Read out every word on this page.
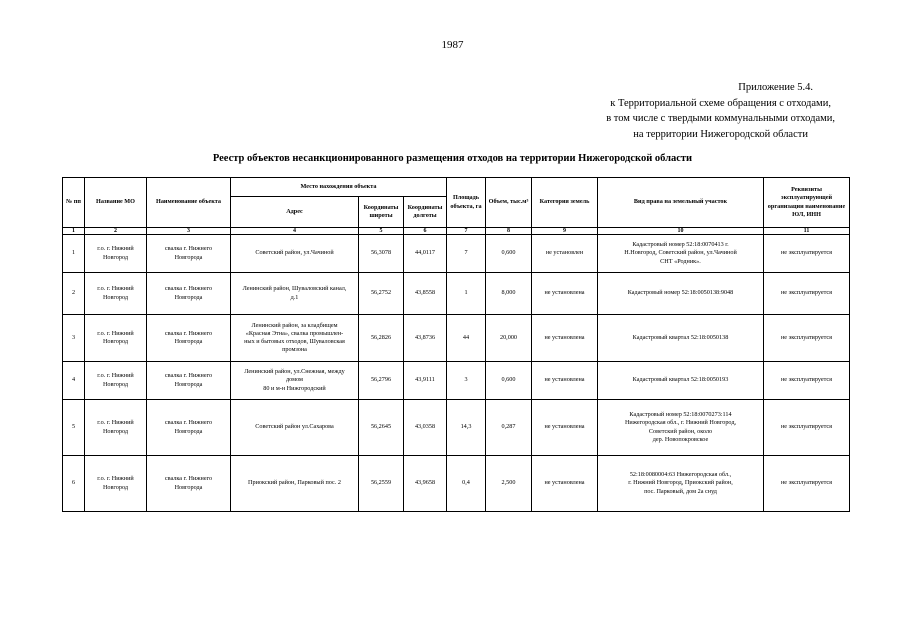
1987
Приложение 5.4.
к Территориальной схеме обращения с отходами,
в том числе с твердыми коммунальными отходами,
на территории Нижегородской области
Реестр объектов несанкционированного размещения отходов на территории Нижегородской области
№ пп	Название МО	Наименование объекта	Место нахождения объекта			Площадь объекта, га	Объем, тыс.м³	Категория земель	Вид права на земельный участок	Реквизиты эксплуатирующей организации наименование ЮЛ, ИНН
			Адрес	Координаты широты	Координаты долготы					
1	2	3	4	5	6	7	8	9	10	11
1	г.о. г. Нижний
Новгород	свалка г. Нижнего
Новгорода	Советский район, ул.Чачиной	56,3078	44,0117	7	0,600	не установлен	Кадастровый номер 52:18:0070413 г.
Н.Новгород, Советский район, ул.Чачиной
СНТ «Родник».	не эксплуатируется
2	г.о. г. Нижний
Новгород	свалка г. Нижнего
Новгорода	Ленинский район, Шуваловский канал,
д.1	56,2752	43,8558	1	8,000	не установлена	Кадастровый номер 52:18:0050138:9048	не эксплуатируется
3	г.о. г. Нижний
Новгород	свалка г. Нижнего
Новгорода	Ленинский район, за кладбищем
«Красная Этна», свалка промышлен-
ных и бытовых отходов, Шуваловская
промзона	56,2826	43,8736	44	20,000	не установлена	Кадастровый квартал 52:18:0050138	не эксплуатируется
4	г.о. г. Нижний
Новгород	свалка г. Нижнего
Новгорода	Ленинский район, ул.Снежная, между
домом
80 и м-н Нижгородский	56,2796	43,9111	3	0,600	не установлена	Кадастровый квартал 52:18:0050193	не эксплуатируется
5	г.о. г. Нижний
Новгород	свалка г. Нижнего
Новгорода	Советский район ул.Сахарова	56,2645	43,0358	14,3	0,287	не установлена	Кадастровый номер 52:18:0070273:114
Нижегородская обл., г. Нижний Новгород,
Советский район, около
дер. Новопокровское	не эксплуатируется
6	г.о. г. Нижний
Новгород	свалка г. Нижнего
Новгорода	Приокский район, Парковый пос. 2	56,2559	43,9658	0,4	2,500	не установлена	52:18:0080004:63 Нижегородская обл.,
г. Нижний Новгород, Приокский район,
пос. Парковый, дом 2а снуд	не эксплуатируется
